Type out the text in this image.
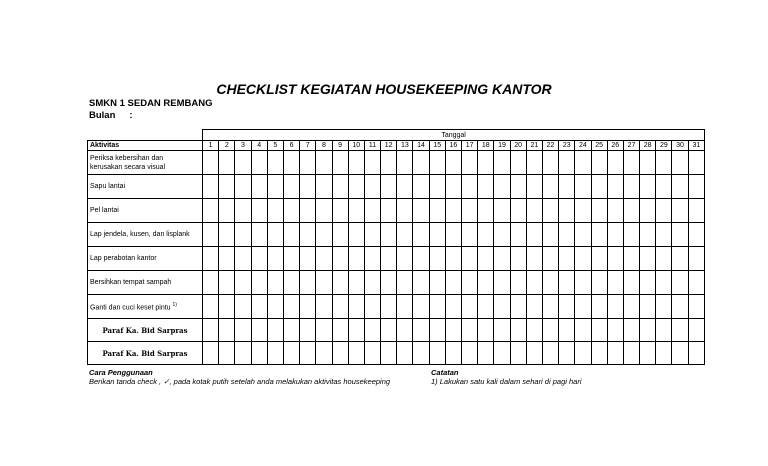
CHECKLIST KEGIATAN HOUSEKEEPING KANTOR
SMKN 1 SEDAN REMBANG
Bulan :
	Tanggal																														
Aktivitas	1	2	3	4	5	6	7	8	9	10	11	12	13	14	15	16	17	18	19	20	21	22	23	24	25	26	27	28	29	30	31
Periksa kebersihan dan
kerusakan secara visual																															
Sapu lantai																															
Pel lantai																															
Lap jendela, kusen, dan lisplank																															
Lap perabotan kantor																															
Bersihkan tempat sampah																															
Ganti dan cuci keset pintu $^{1)}$																															
Paraf Ka. Bid Sarpras																															
Paraf Ka. Bid Sarpras																															
Cara Penggunaan
Berikan tanda check , ✓, pada kotak putih setelah anda melakukan aktivitas housekeeping
Catatan
1) Lakukan satu kali dalam sehari di pagi hari
